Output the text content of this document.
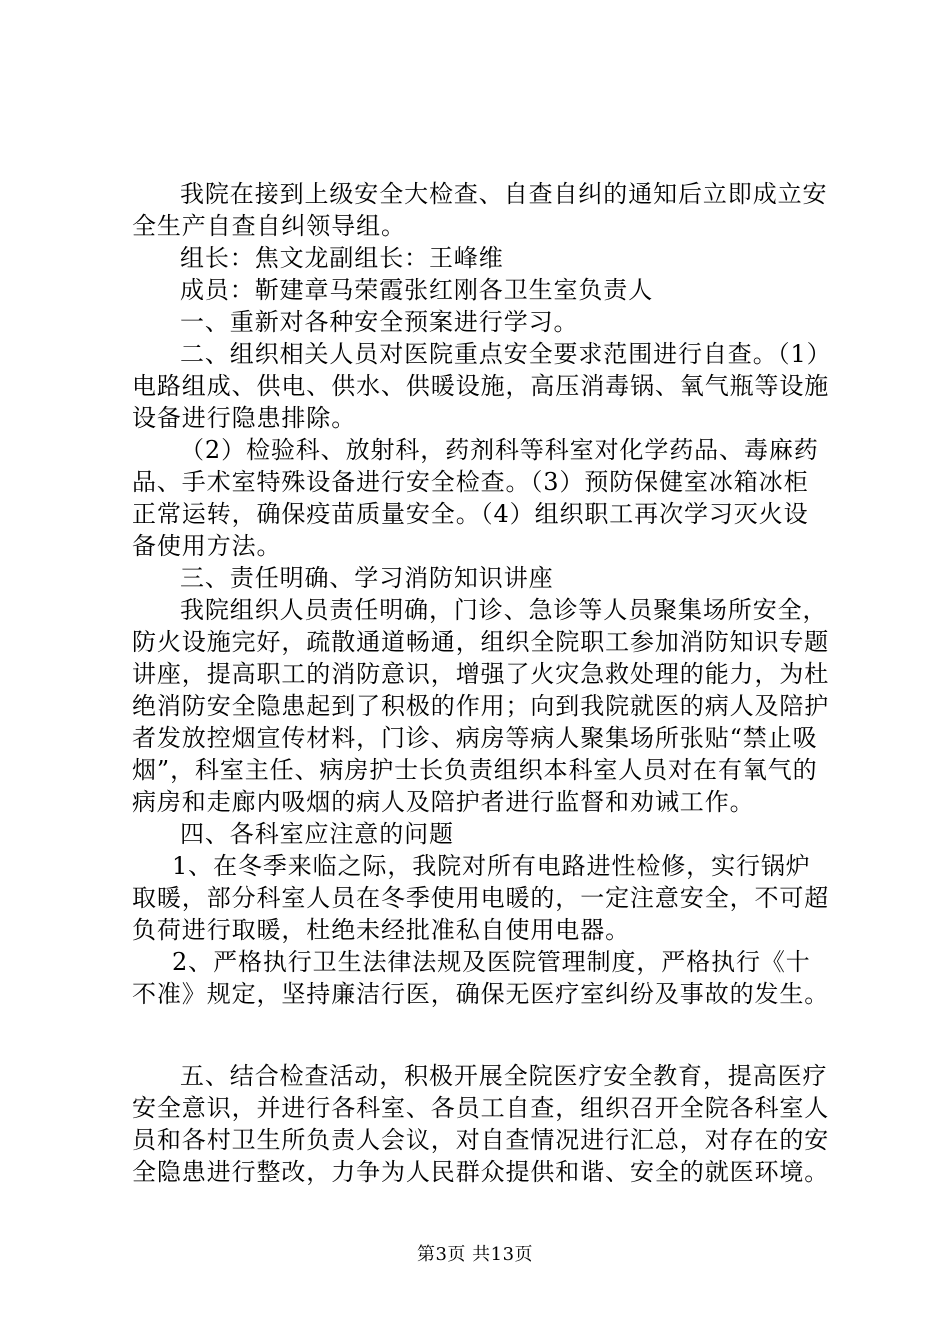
我院在接到上级安全大检查、自查自纠的通知后立即成立安全生产自查自纠领导组。

组长：焦文龙副组长：王峰维

成员：靳建章马荣霞张红刚各卫生室负责人

一、重新对各种安全预案进行学习。

二、组织相关人员对医院重点安全要求范围进行自查。（1）电路组成、供电、供水、供暖设施，高压消毒锅、氧气瓶等设施设备进行隐患排除。

（2）检验科、放射科，药剂科等科室对化学药品、毒麻药品、手术室特殊设备进行安全检查。（3）预防保健室冰箱冰柜正常运转，确保疫苗质量安全。（4）组织职工再次学习灭火设备使用方法。

三、责任明确、学习消防知识讲座

我院组织人员责任明确，门诊、急诊等人员聚集场所安全，防火设施完好，疏散通道畅通，组织全院职工参加消防知识专题讲座，提高职工的消防意识，增强了火灾急救处理的能力，为杜绝消防安全隐患起到了积极的作用；向到我院就医的病人及陪护者发放控烟宣传材料，门诊、病房等病人聚集场所张贴“禁止吸烟”，科室主任、病房护士长负责组织本科室人员对在有氧气的病房和走廊内吸烟的病人及陪护者进行监督和劝诫工作。

四、各科室应注意的问题

1、在冬季来临之际，我院对所有电路进性检修，实行锅炉取暖，部分科室人员在冬季使用电暖的，一定注意安全，不可超负荷进行取暖，杜绝未经批准私自使用电器。

2、严格执行卫生法律法规及医院管理制度，严格执行《十不准》规定，坚持廉洁行医，确保无医疗室纠纷及事故的发生。

五、结合检查活动，积极开展全院医疗安全教育，提高医疗安全意识，并进行各科室、各员工自查，组织召开全院各科室人员和各村卫生所负责人会议，对自查情况进行汇总，对存在的安全隐患进行整改，力争为人民群众提供和谐、安全的就医环境。

第3页 共13页
